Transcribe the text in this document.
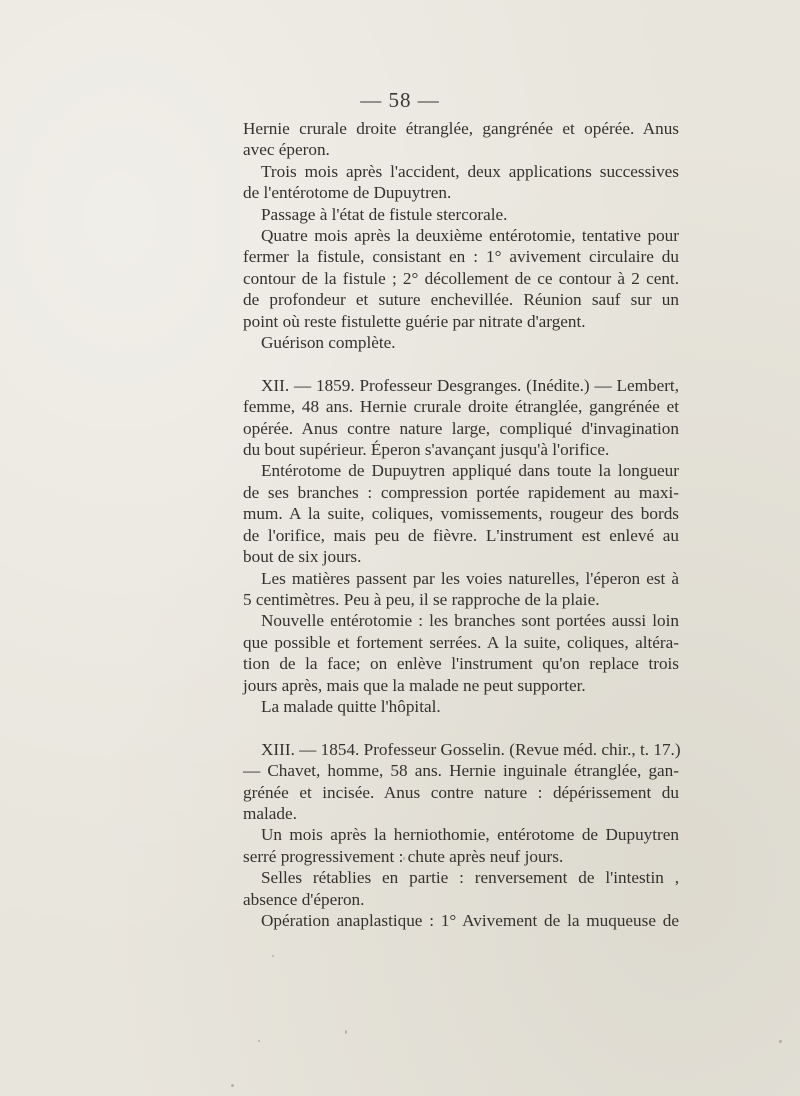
— 58 —
Hernie crurale droite étranglée, gangrénée et opérée. Anus
avec éperon.
Trois mois après l'accident, deux applications successives
de l'entérotome de Dupuytren.
Passage à l'état de fistule stercorale.
Quatre mois après la deuxième entérotomie, tentative pour
fermer la fistule, consistant en : 1° avivement circulaire du
contour de la fistule ; 2° décollement de ce contour à 2 cent.
de profondeur et suture enchevillée. Réunion sauf sur un
point où reste fistulette guérie par nitrate d'argent.
Guérison complète.
XII. — 1859. Professeur Desgranges. (Inédite.) — Lembert,
femme, 48 ans. Hernie crurale droite étranglée, gangrénée et
opérée. Anus contre nature large, compliqué d'invagination
du bout supérieur. Éperon s'avançant jusqu'à l'orifice.
Entérotome de Dupuytren appliqué dans toute la longueur
de ses branches : compression portée rapidement au maxi-
mum. A la suite, coliques, vomissements, rougeur des bords
de l'orifice, mais peu de fièvre. L'instrument est enlevé au
bout de six jours.
Les matières passent par les voies naturelles, l'éperon est à
5 centimètres. Peu à peu, il se rapproche de la plaie.
Nouvelle entérotomie : les branches sont portées aussi loin
que possible et fortement serrées. A la suite, coliques, altéra-
tion de la face; on enlève l'instrument qu'on replace trois
jours après, mais que la malade ne peut supporter.
La malade quitte l'hôpital.
XIII. — 1854. Professeur Gosselin. (Revue méd. chir., t. 17.)
— Chavet, homme, 58 ans. Hernie inguinale étranglée, gan-
grénée et incisée. Anus contre nature : dépérissement du
malade.
Un mois après la herniothomie, entérotome de Dupuytren
serré progressivement : chute après neuf jours.
Selles rétablies en partie : renversement de l'intestin ,
absence d'éperon.
Opération anaplastique : 1° Avivement de la muqueuse de
